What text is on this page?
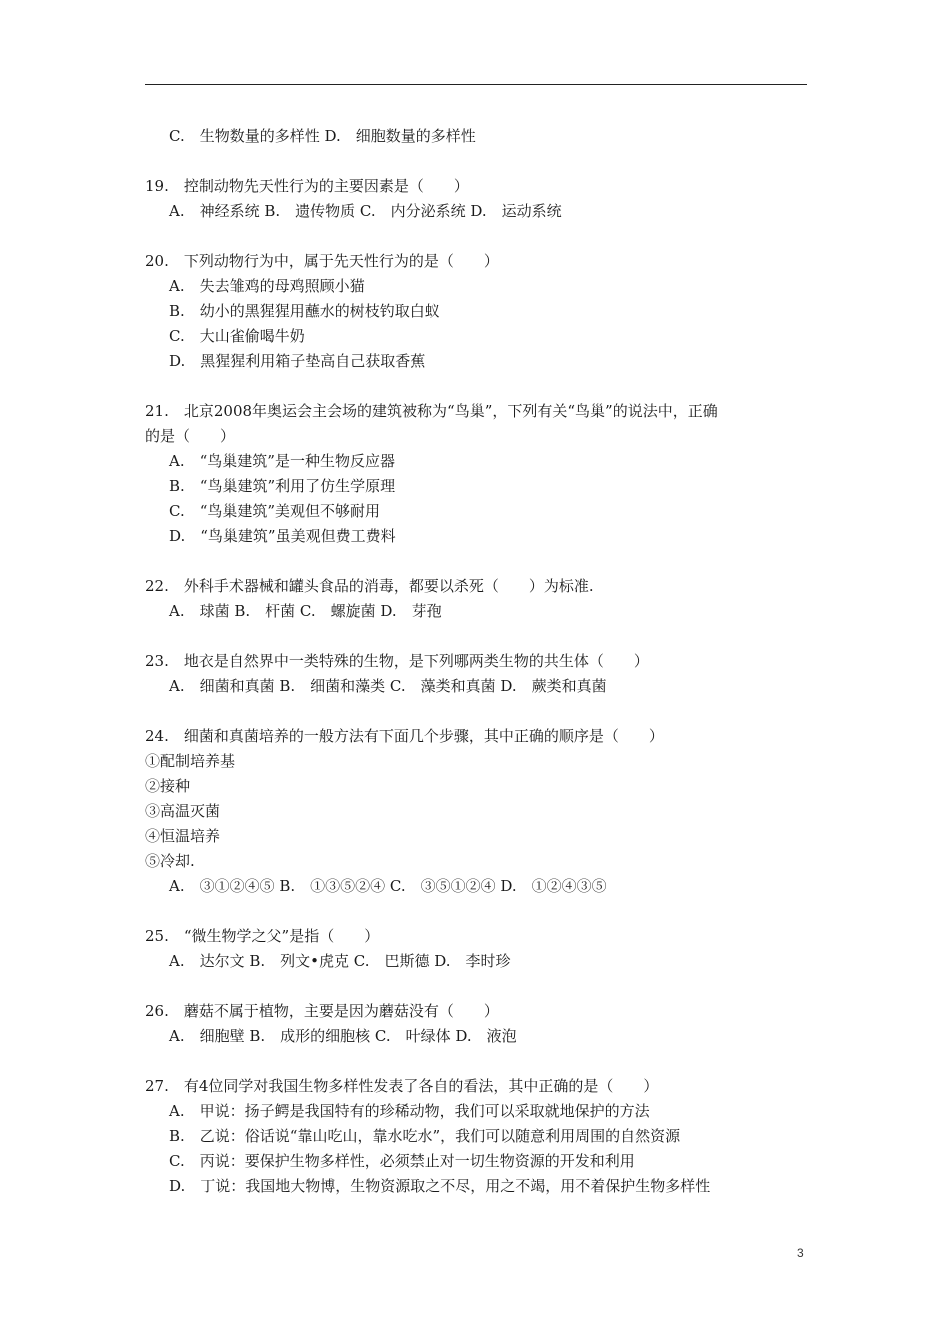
C.　生物数量的多样性 D.　细胞数量的多样性
19.　 控制动物先天性行为的主要因素是（　　）
A.　神经系统 B.　遗传物质 C.　内分泌系统 D.　运动系统
20.　 下列动物行为中，属于先天性行为的是（　　）
A.　失去雏鸡的母鸡照顾小猫
B.　幼小的黑猩猩用蘸水的树枝钓取白蚁
C.　大山雀偷喝牛奶
D.　黑猩猩利用箱子垫高自己获取香蕉
21.　 北京2008年奥运会主会场的建筑被称为“鸟巢”，下列有关“鸟巢”的说法中，正确
的是（　　）
A.　“鸟巢建筑”是一种生物反应器
B.　“鸟巢建筑”利用了仿生学原理
C.　“鸟巢建筑”美观但不够耐用
D.　“鸟巢建筑”虽美观但费工费料
22.　 外科手术器械和罐头食品的消毒，都要以杀死（　　）为标准.
A.　球菌 B.　杆菌 C.　螺旋菌 D.　芽孢
23.　 地衣是自然界中一类特殊的生物，是下列哪两类生物的共生体（　　）
A.　细菌和真菌 B.　细菌和藻类 C.　藻类和真菌 D.　蕨类和真菌
24.　 细菌和真菌培养的一般方法有下面几个步骤，其中正确的顺序是（　　）
①配制培养基
②接种
③高温灭菌
④恒温培养
⑤冷却.
A.　③①②④⑤ B.　①③⑤②④ C.　③⑤①②④ D.　①②④③⑤
25.　 “微生物学之父”是指（　　）
A.　达尔文 B.　列文•虎克 C.　巴斯德 D.　李时珍
26.　 蘑菇不属于植物，主要是因为蘑菇没有（　　）
A.　细胞壁 B.　成形的细胞核 C.　叶绿体 D.　液泡
27.　 有4位同学对我国生物多样性发表了各自的看法，其中正确的是（　　）
A.　甲说：扬子鳄是我国特有的珍稀动物，我们可以采取就地保护的方法
B.　乙说：俗话说“靠山吃山，靠水吃水”，我们可以随意利用周围的自然资源
C.　丙说：要保护生物多样性，必须禁止对一切生物资源的开发和利用
D.　丁说：我国地大物博，生物资源取之不尽，用之不竭，用不着保护生物多样性
3
